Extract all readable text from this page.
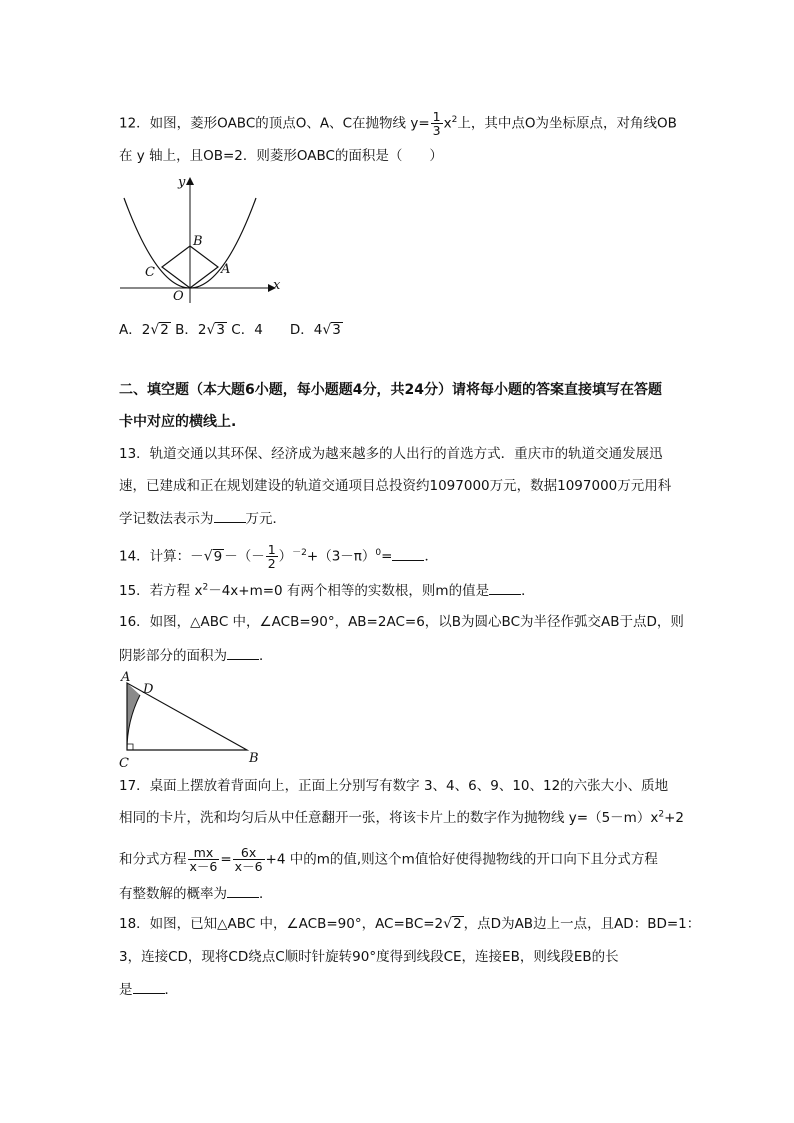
12．如图，菱形OABC的顶点O、A、C在抛物线 $y= \frac{1}{3} x^2$上，其中点O为坐标原点，对角线OB
在 y 轴上，且OB=2．则菱形OABC的面积是（　　）
y
x
B
C	A
O
A．2√2 B．2√3 C．4　　D．4√3
二、填空题（本大题6小题，每小题题4分，共24分）请将每小题的答案直接填写在答题
卡中对应的横线上.
13．轨道交通以其环保、经济成为越来越多的人出行的首选方式．重庆市的轨道交通发展迅
速，已建成和正在规划建设的轨道交通项目总投资约1097000万元，数据1097000万元用科
学记数法表示为 万元．
14．计算：－√9 －（－ $\frac{1}{2} )^{-2}+(3-\pi)^0=$ ．
15．若方程 $x^2-4x+m=0$ 有两个相等的实数根，则m的值是 ．
16．如图，△ABC 中，∠ACB=90°，AB=2AC=6，以B为圆心BC为半径作弧交AB于点D，则
阴影部分的面积为 ．
A
D
C	B
17．桌面上摆放着背面向上，正面上分别写有数字 3、4、6、9、10、12的六张大小、质地
相同的卡片，洗和均匀后从中任意翻开一张，将该卡片上的数字作为抛物线 $y=(5-m)x^2+2$
和分式方程 $\frac{mx}{x-6} = \frac{6x}{x-6} +4$ 中的m的值,则这个m值恰好使得抛物线的开口向下且分式方程
有整数解的概率为 ．
18．如图，已知△ABC 中，∠ACB=90°，AC=BC=2√2 ，点D为AB边上一点，且AD：BD=1：
3，连接CD，现将CD绕点C顺时针旋转90°度得到线段CE，连接EB，则线段EB的长
是 ．
